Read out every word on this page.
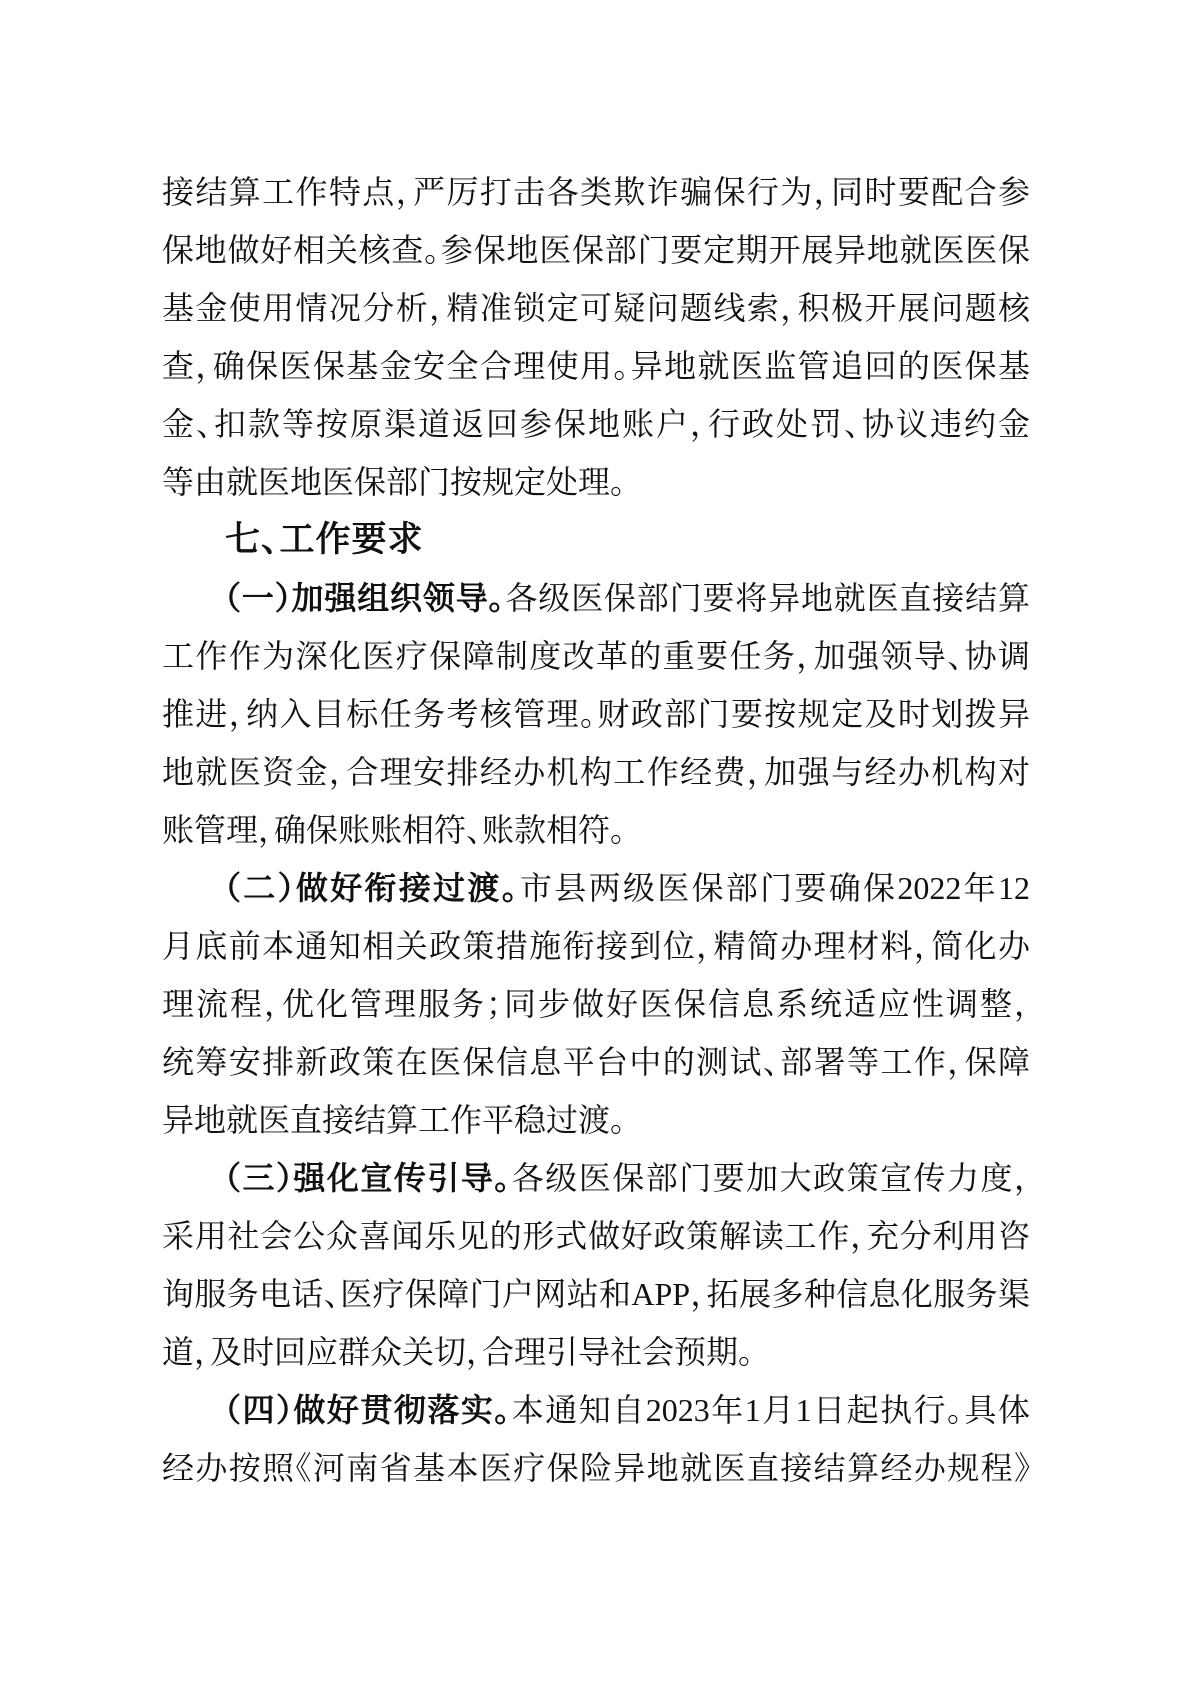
接结算工作特点，严厉打击各类欺诈骗保行为，同时要配合参
保地做好相关核查。参保地医保部门要定期开展异地就医医保
基金使用情况分析，精准锁定可疑问题线索，积极开展问题核
查，确保医保基金安全合理使用。异地就医监管追回的医保基
金、扣款等按原渠道返回参保地账户，行政处罚、协议违约金
等由就医地医保部门按规定处理。
七、工作要求
（一）加强组织领导。各级医保部门要将异地就医直接结算
工作作为深化医疗保障制度改革的重要任务，加强领导、协调
推进，纳入目标任务考核管理。财政部门要按规定及时划拨异
地就医资金，合理安排经办机构工作经费，加强与经办机构对
账管理，确保账账相符、账款相符。
（二）做好衔接过渡。市县两级医保部门要确保2022年12
月底前本通知相关政策措施衔接到位，精简办理材料，简化办
理流程，优化管理服务；同步做好医保信息系统适应性调整，
统筹安排新政策在医保信息平台中的测试、部署等工作，保障
异地就医直接结算工作平稳过渡。
（三）强化宣传引导。各级医保部门要加大政策宣传力度，
采用社会公众喜闻乐见的形式做好政策解读工作，充分利用咨
询服务电话、医疗保障门户网站和APP，拓展多种信息化服务渠
道，及时回应群众关切，合理引导社会预期。
（四）做好贯彻落实。本通知自2023年1月1日起执行。具体
经办按照《河南省基本医疗保险异地就医直接结算经办规程》
